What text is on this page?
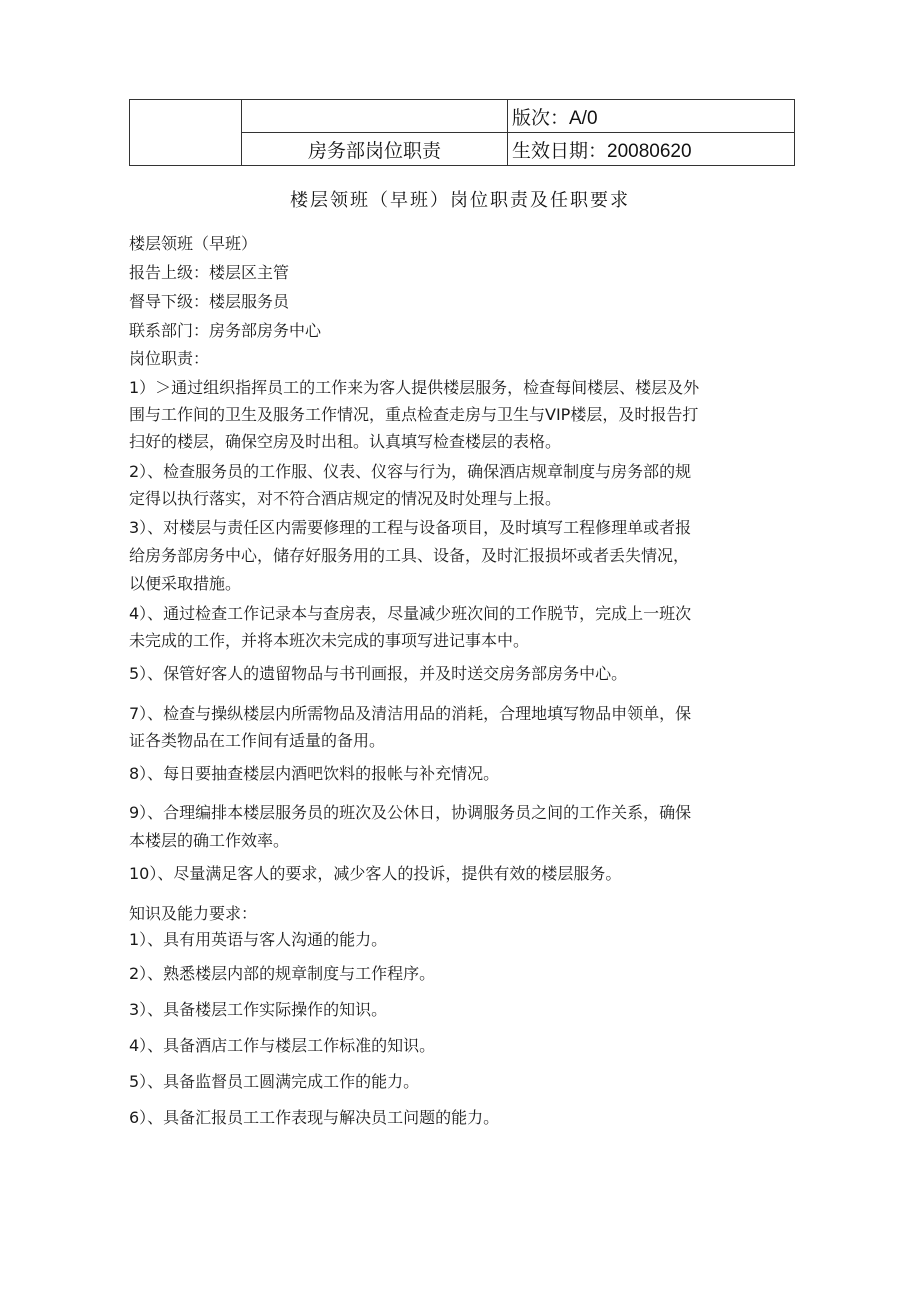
		版次：A/0
	房务部岗位职责	生效日期：20080620
楼层领班（早班）岗位职责及任职要求
楼层领班（早班）
报告上级：楼层区主管
督导下级：楼层服务员
联系部门：房务部房务中心
岗位职责：
1）＞通过组织指挥员工的工作来为客人提供楼层服务，检查每间楼层、楼层及外
围与工作间的卫生及服务工作情况，重点检查走房与卫生与VIP楼层，及时报告打
扫好的楼层，确保空房及时出租。认真填写检查楼层的表格。
2）、检查服务员的工作服、仪表、仪容与行为，确保酒店规章制度与房务部的规
定得以执行落实，对不符合酒店规定的情况及时处理与上报。
3）、对楼层与责任区内需要修理的工程与设备项目，及时填写工程修理单或者报
给房务部房务中心，储存好服务用的工具、设备，及时汇报损坏或者丢失情况，
以便采取措施。
4）、通过检查工作记录本与查房表，尽量减少班次间的工作脱节，完成上一班次
未完成的工作，并将本班次未完成的事项写进记事本中。
5）、保管好客人的遗留物品与书刊画报，并及时送交房务部房务中心。
7）、检查与操纵楼层内所需物品及清洁用品的消耗，合理地填写物品申领单，保
证各类物品在工作间有适量的备用。
8）、每日要抽查楼层内酒吧饮料的报帐与补充情况。
9）、合理编排本楼层服务员的班次及公休日，协调服务员之间的工作关系，确保
本楼层的确工作效率。
10）、尽量满足客人的要求，减少客人的投诉，提供有效的楼层服务。
知识及能力要求：
1）、具有用英语与客人沟通的能力。
2）、熟悉楼层内部的规章制度与工作程序。
3）、具备楼层工作实际操作的知识。
4）、具备酒店工作与楼层工作标准的知识。
5）、具备监督员工圆满完成工作的能力。
6）、具备汇报员工工作表现与解决员工问题的能力。
